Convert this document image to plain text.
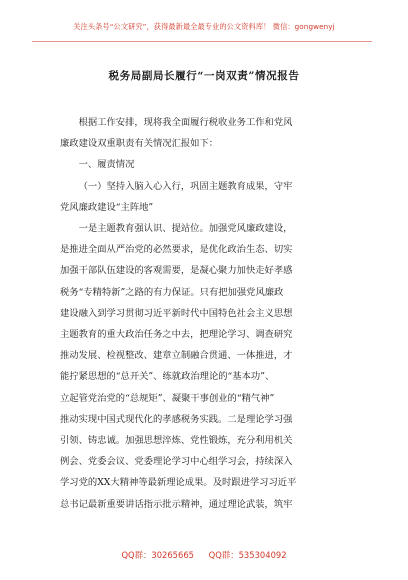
关注头条号“公文研究”，获得最新最全最专业的公文资料库！ 微信：gongwenyj
税务局副局长履行“一岗双责”情况报告

根据工作安排，现将我全面履行税收业务工作和党风

廉政建设双重职责有关情况汇报如下：

一、履责情况

（一）坚持入脑入心入行，巩固主题教育成果，守牢

党风廉政建设“主阵地”

一是主题教育强认识、提站位。加强党风廉政建设，

是推进全面从严治党的必然要求，是优化政治生态、切实

加强干部队伍建设的客观需要，是凝心聚力加快走好孝感

税务“专精特新”之路的有力保证。只有把加强党风廉政

建设融入到学习贯彻习近平新时代中国特色社会主义思想

主题教育的重大政治任务之中去，把理论学习、调查研究

推动发展、检视整改、建章立制融合贯通、一体推进，才

能拧紧思想的“总开关”、练就政治理论的“基本功”、

立起管党治党的“总规矩”、凝聚干事创业的“精气神”

推动实现中国式现代化的孝感税务实践。二是理论学习强

引领、铸忠诚。加强思想淬炼、党性锻炼，充分利用机关

例会、党委会议、党委理论学习中心组学习会，持续深入

学习党的XX大精神等最新理论成果。及时跟进学习习近平

总书记最新重要讲话指示批示精神，通过理论武装，筑牢

QQ群：30265665 QQ群：535304092
